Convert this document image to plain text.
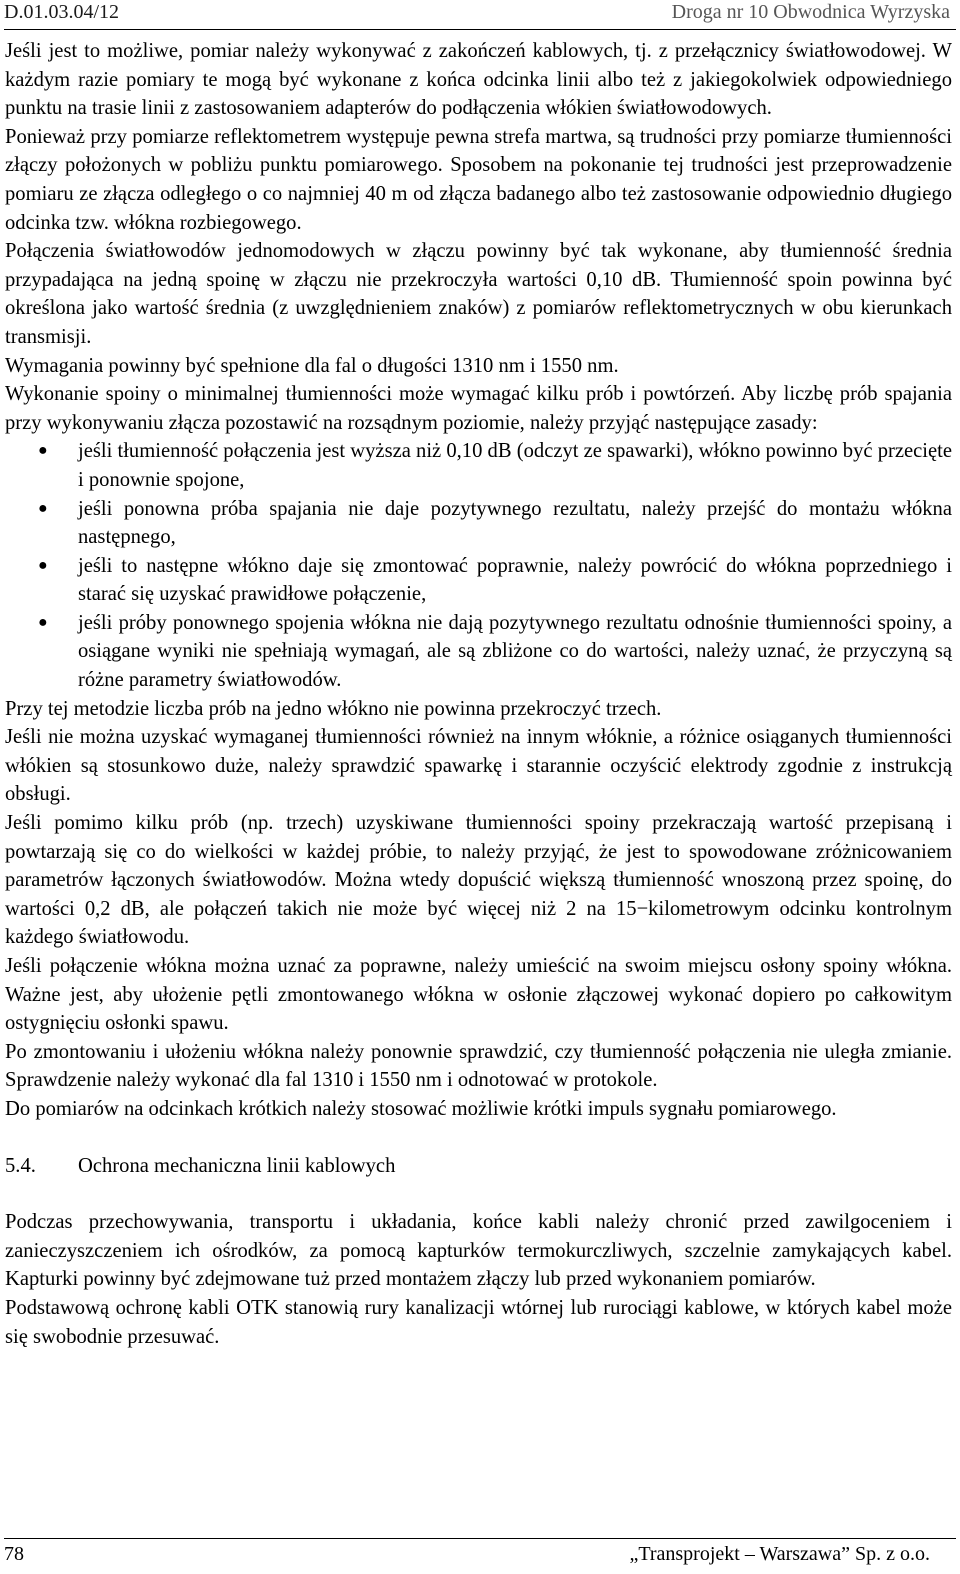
D.01.03.04/12	Droga nr 10 Obwodnica Wyrzyska

Jeśli jest to możliwe, pomiar należy wykonywać z zakończeń kablowych, tj. z przełącznicy światłowodowej. W każdym razie pomiary te mogą być wykonane z końca odcinka linii albo też z jakiegokolwiek odpowiedniego punktu na trasie linii z zastosowaniem adapterów do podłączenia włókien światłowodowych.

Ponieważ przy pomiarze reflektometrem występuje pewna strefa martwa, są trudności przy pomiarze tłumienności złączy położonych w pobliżu punktu pomiarowego. Sposobem na pokonanie tej trudności jest przeprowadzenie pomiaru ze złącza odległego o co najmniej 40 m od złącza badanego albo też zastosowanie odpowiednio długiego odcinka tzw. włókna rozbiegowego.

Połączenia światłowodów jednomodowych w złączu powinny być tak wykonane, aby tłumienność średnia przypadająca na jedną spoinę w złączu nie przekroczyła wartości 0,10 dB. Tłumienność spoin powinna być określona jako wartość średnia (z uwzględnieniem znaków) z pomiarów reflektometrycznych w obu kierunkach transmisji.

Wymagania powinny być spełnione dla fal o długości 1310 nm i 1550 nm.

Wykonanie spoiny o minimalnej tłumienności może wymagać kilku prób i powtórzeń. Aby liczbę prób spajania przy wykonywaniu złącza pozostawić na rozsądnym poziomie, należy przyjąć następujące zasady:

● jeśli tłumienność połączenia jest wyższa niż 0,10 dB (odczyt ze spawarki), włókno powinno być przecięte i ponownie spojone,
● jeśli ponowna próba spajania nie daje pozytywnego rezultatu, należy przejść do montażu włókna następnego,
● jeśli to następne włókno daje się zmontować poprawnie, należy powrócić do włókna poprzedniego i starać się uzyskać prawidłowe połączenie,
● jeśli próby ponownego spojenia włókna nie dają pozytywnego rezultatu odnośnie tłumienności spoiny, a osiągane wyniki nie spełniają wymagań, ale są zbliżone co do wartości, należy uznać, że przyczyną są różne parametry światłowodów.

Przy tej metodzie liczba prób na jedno włókno nie powinna przekroczyć trzech.

Jeśli nie można uzyskać wymaganej tłumienności również na innym włóknie, a różnice osiąganych tłumienności włókien są stosunkowo duże, należy sprawdzić spawarkę i starannie oczyścić elektrody zgodnie z instrukcją obsługi.

Jeśli pomimo kilku prób (np. trzech) uzyskiwane tłumienności spoiny przekraczają wartość przepisaną i powtarzają się co do wielkości w każdej próbie, to należy przyjąć, że jest to spowodowane zróżnicowaniem parametrów łączonych światłowodów. Można wtedy dopuścić większą tłumienność wnoszoną przez spoinę, do wartości 0,2 dB, ale połączeń takich nie może być więcej niż 2 na 15−kilometrowym odcinku kontrolnym każdego światłowodu.

Jeśli połączenie włókna można uznać za poprawne, należy umieścić na swoim miejscu osłony spoiny włókna. Ważne jest, aby ułożenie pętli zmontowanego włókna w osłonie złączowej wykonać dopiero po całkowitym ostygnięciu osłonki spawu.

Po zmontowaniu i ułożeniu włókna należy ponownie sprawdzić, czy tłumienność połączenia nie uległa zmianie. Sprawdzenie należy wykonać dla fal 1310 i 1550 nm i odnotować w protokole.

Do pomiarów na odcinkach krótkich należy stosować możliwie krótki impuls sygnału pomiarowego.

5.4.	Ochrona mechaniczna linii kablowych

Podczas przechowywania, transportu i układania, końce kabli należy chronić przed zawilgoceniem i zanieczyszczeniem ich ośrodków, za pomocą kapturków termokurczliwych, szczelnie zamykających kabel. Kapturki powinny być zdejmowane tuż przed montażem złączy lub przed wykonaniem pomiarów.

Podstawową ochronę kabli OTK stanowią rury kanalizacji wtórnej lub rurociągi kablowe, w których kabel może się swobodnie przesuwać.

78	„Transprojekt – Warszawa” Sp. z o.o.
